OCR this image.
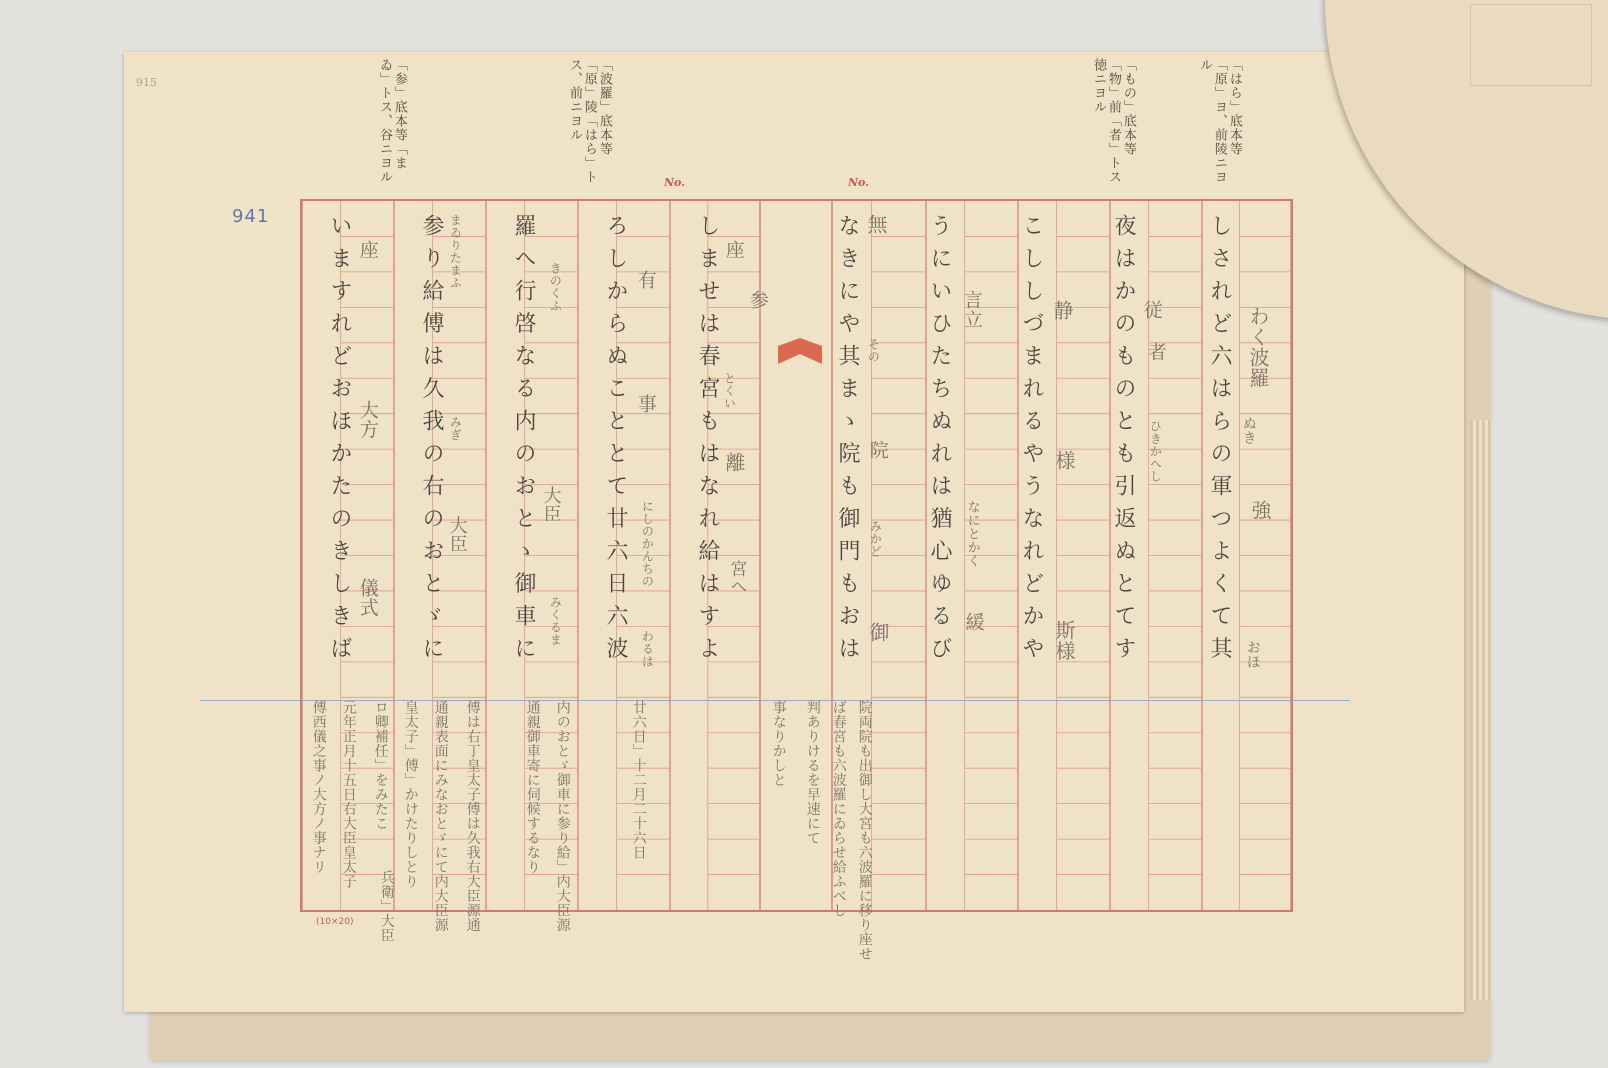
915
941
No.	No.
(10×20)
しされど六はらの軍つよくて其
夜はかのものとも引返ぬとてす
こししづまれるやうなれどかや
うにいひたちぬれは猶心ゆるび
なきにや其まゝ院も御門もおは
しませは春宮もはなれ給はすよ
ろしからぬこととて廿六日六波
羅へ行啓なる内のおとゝ御車に
参り給傅は久我の右のおとゞに
いますれどおほかたのきしきば
「はら」底本等「原」ヨ、前陵ニヨル
「もの」底本等「物」前「者」トス徳ニヨル
「波羅」底本等「原」陵「はら」トス、前ニヨル
「参」底本等「まゐ」トス、谷ニヨル
わく波羅
ぬき
強
おほ
従
者
ひきかへし
静
様
斯様
言立
なにとかく
緩
無
その
院
みかど
御
座
とくい
離
宮へ
参
にしのかんちの
わるは
有
事
きのくふ
大臣
みくるま
座
大方
儀式
まゐりたまふ
みぎ
大臣
院両院も出御し大宮も六波羅に移り座せ
ば春宮も六波羅にゐらせ給ふべし
判ありけるを早速にて
事なりかしと
廿六日」十二月二十六日
内のおとゞ御車に参り給」内大臣源
通親御車寄に伺候するなり
傅は右丁皇太子傅は久我右大臣源通
通親表面にみなおとゞにて内大臣源
皇太子」傅」かけたりしとり
ロ卿補任」をみたこ
兵衛」大臣
元年正月十五日右大臣皇太子
傅西儀之事ノ大方ノ事ナリ
